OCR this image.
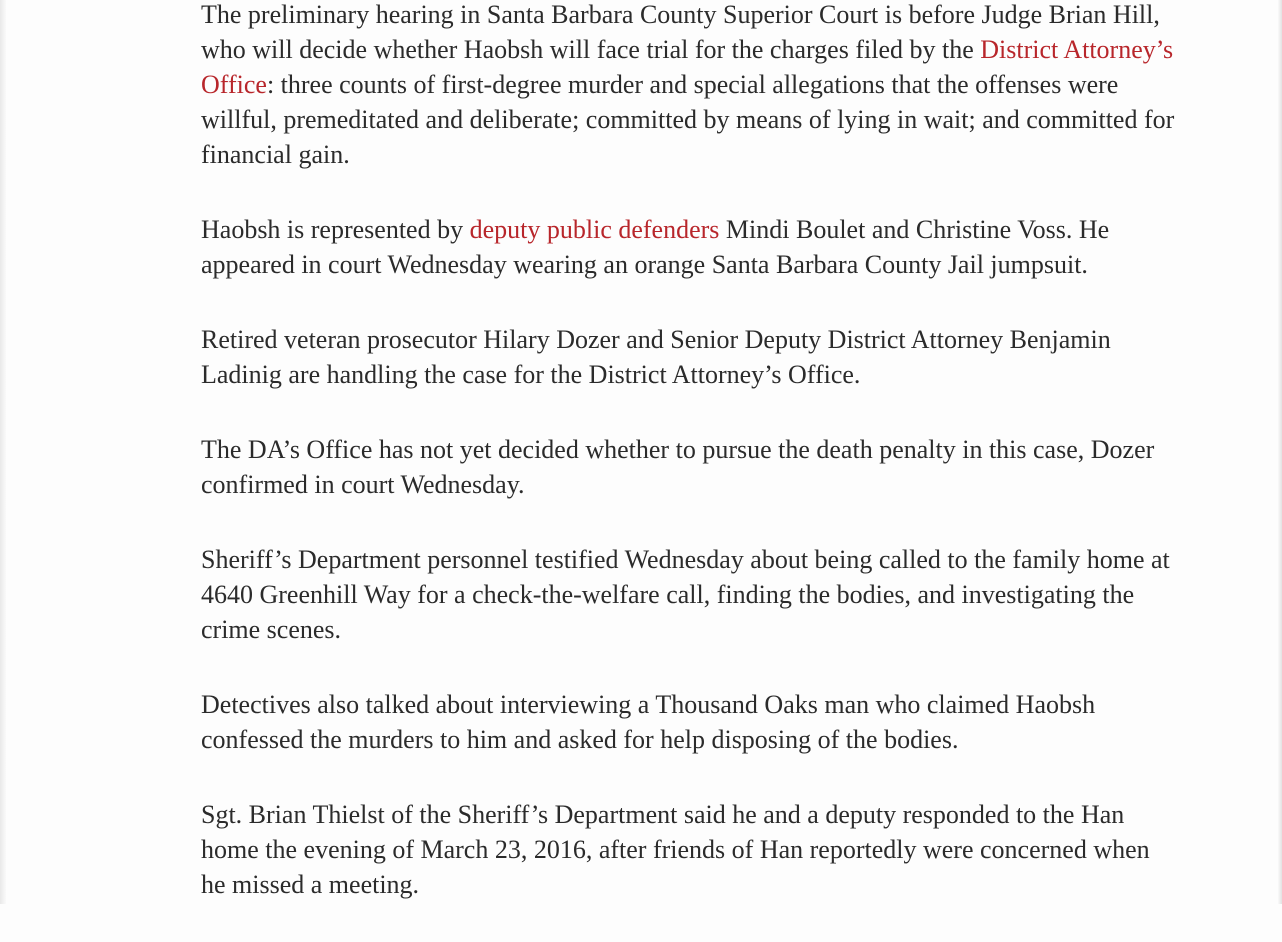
The preliminary hearing in Santa Barbara County Superior Court is before Judge Brian Hill, who will decide whether Haobsh will face trial for the charges filed by the District Attorney’s Office: three counts of first-degree murder and special allegations that the offenses were willful, premeditated and deliberate; committed by means of lying in wait; and committed for financial gain.

Haobsh is represented by deputy public defenders Mindi Boulet and Christine Voss. He appeared in court Wednesday wearing an orange Santa Barbara County Jail jumpsuit.

Retired veteran prosecutor Hilary Dozer and Senior Deputy District Attorney Benjamin Ladinig are handling the case for the District Attorney’s Office.

The DA’s Office has not yet decided whether to pursue the death penalty in this case, Dozer confirmed in court Wednesday.

Sheriff’s Department personnel testified Wednesday about being called to the family home at 4640 Greenhill Way for a check-the-welfare call, finding the bodies, and investigating the crime scenes.

Detectives also talked about interviewing a Thousand Oaks man who claimed Haobsh confessed the murders to him and asked for help disposing of the bodies.

Sgt. Brian Thielst of the Sheriff’s Department said he and a deputy responded to the Han home the evening of March 23, 2016, after friends of Han reportedly were concerned when he missed a meeting.
